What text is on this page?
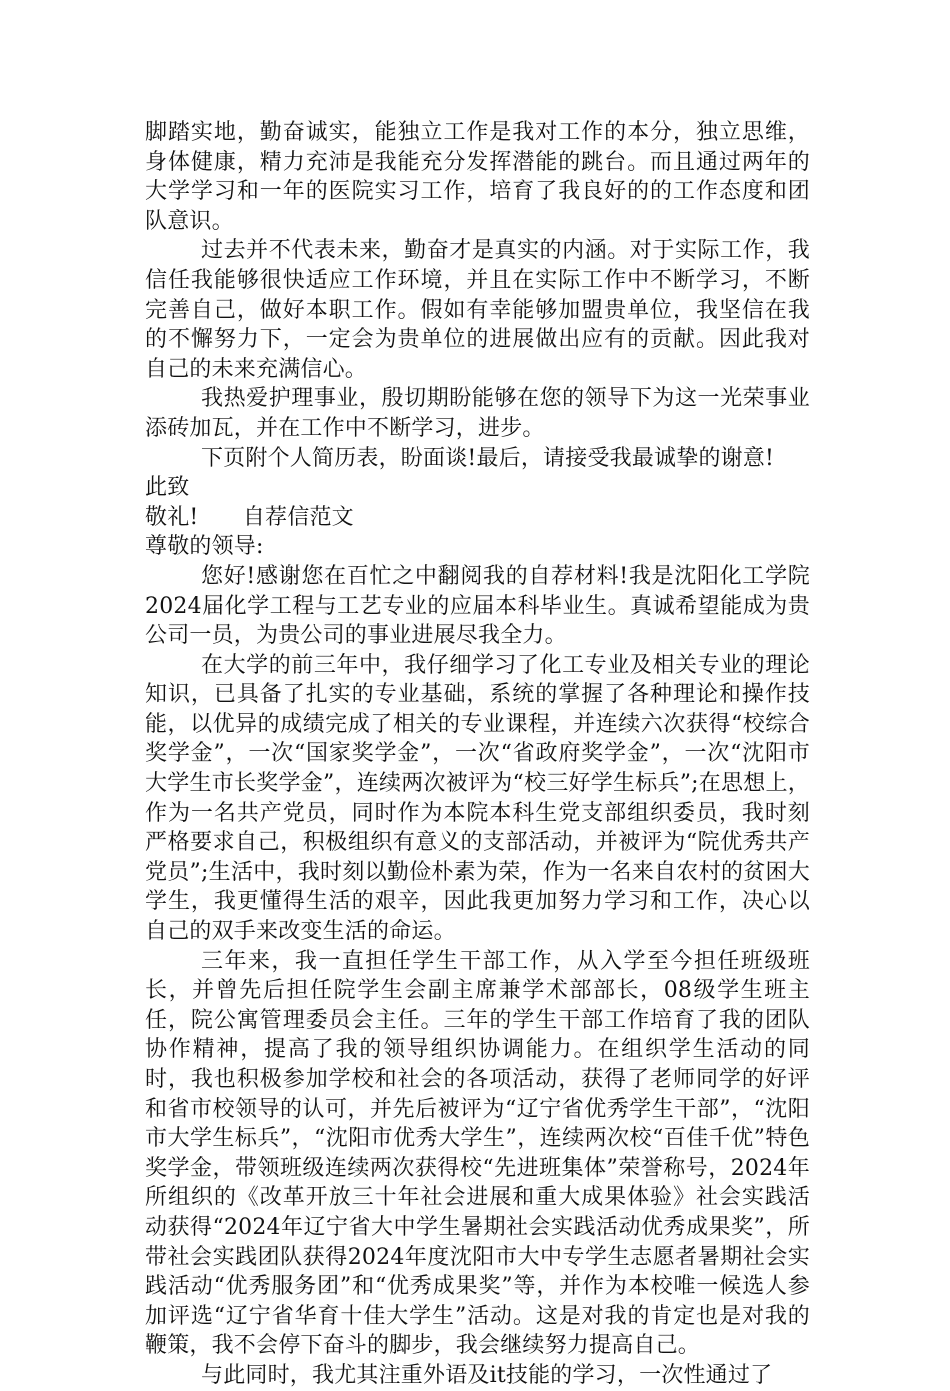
脚踏实地，勤奋诚实，能独立工作是我对工作的本分，独立思维，身体健康，精力充沛是我能充分发挥潜能的跳台。而且通过两年的大学学习和一年的医院实习工作，培育了我良好的的工作态度和团队意识。

过去并不代表未来，勤奋才是真实的内涵。对于实际工作，我信任我能够很快适应工作环境，并且在实际工作中不断学习，不断完善自己，做好本职工作。假如有幸能够加盟贵单位，我坚信在我的不懈努力下，一定会为贵单位的进展做出应有的贡献。因此我对自己的未来充满信心。

我热爱护理事业，殷切期盼能够在您的领导下为这一光荣事业添砖加瓦，并在工作中不断学习，进步。

下页附个人简历表，盼面谈!最后，请接受我最诚挚的谢意!

此致

敬礼!　　自荐信范文

尊敬的领导:

您好!感谢您在百忙之中翻阅我的自荐材料!我是沈阳化工学院2024届化学工程与工艺专业的应届本科毕业生。真诚希望能成为贵公司一员，为贵公司的事业进展尽我全力。

在大学的前三年中，我仔细学习了化工专业及相关专业的理论知识，已具备了扎实的专业基础，系统的掌握了各种理论和操作技能，以优异的成绩完成了相关的专业课程，并连续六次获得“校综合奖学金”，一次“国家奖学金”，一次“省政府奖学金”，一次“沈阳市大学生市长奖学金”，连续两次被评为“校三好学生标兵”;在思想上，作为一名共产党员，同时作为本院本科生党支部组织委员，我时刻严格要求自己，积极组织有意义的支部活动，并被评为“院优秀共产党员”;生活中，我时刻以勤俭朴素为荣，作为一名来自农村的贫困大学生，我更懂得生活的艰辛，因此我更加努力学习和工作，决心以自己的双手来改变生活的命运。

三年来，我一直担任学生干部工作，从入学至今担任班级班长，并曾先后担任院学生会副主席兼学术部部长，08级学生班主任，院公寓管理委员会主任。三年的学生干部工作培育了我的团队协作精神，提高了我的领导组织协调能力。在组织学生活动的同时，我也积极参加学校和社会的各项活动，获得了老师同学的好评和省市校领导的认可，并先后被评为“辽宁省优秀学生干部”，“沈阳市大学生标兵”，“沈阳市优秀大学生”，连续两次校“百佳千优”特色奖学金，带领班级连续两次获得校“先进班集体”荣誉称号，2024年所组织的《改革开放三十年社会进展和重大成果体验》社会实践活动获得“2024年辽宁省大中学生暑期社会实践活动优秀成果奖”，所带社会实践团队获得2024年度沈阳市大中专学生志愿者暑期社会实践活动“优秀服务团”和“优秀成果奖”等，并作为本校唯一候选人参加评选“辽宁省华育十佳大学生”活动。这是对我的肯定也是对我的鞭策，我不会停下奋斗的脚步，我会继续努力提高自己。

与此同时，我尤其注重外语及it技能的学习，一次性通过了
